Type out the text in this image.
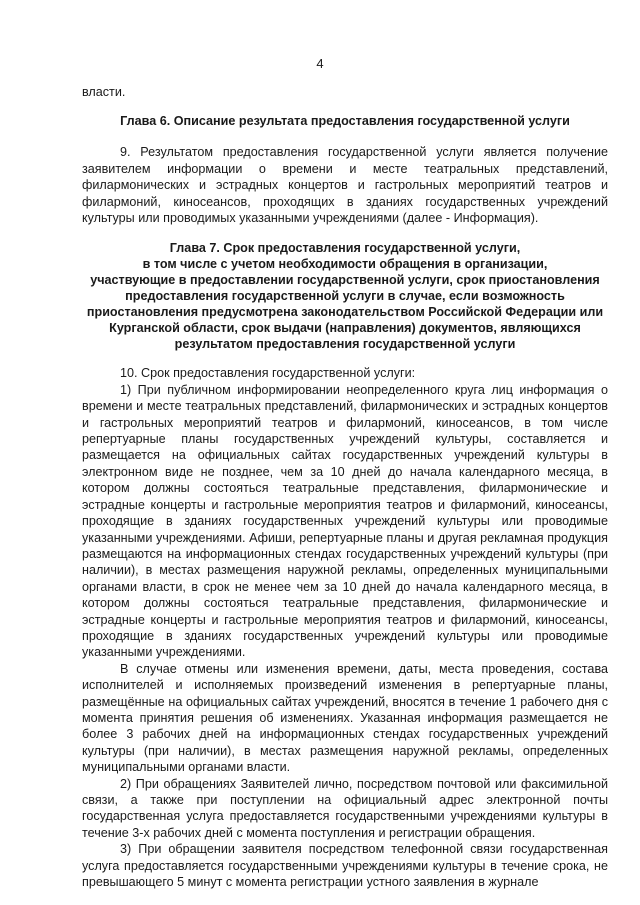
4

власти.

Глава 6. Описание результата предоставления государственной услуги

9. Результатом предоставления государственной услуги является получение заявителем информации о времени и месте театральных представлений, филармонических и эстрадных концертов и гастрольных мероприятий театров и филармоний, киносеансов, проходящих в зданиях государственных учреждений культуры или проводимых указанными учреждениями (далее - Информация).

Глава 7. Срок предоставления государственной услуги,
в том числе с учетом необходимости обращения в организации,
участвующие в предоставлении государственной услуги, срок приостановления
предоставления государственной услуги в случае, если возможность
приостановления предусмотрена законодательством Российской Федерации или
Курганской области, срок выдачи (направления) документов, являющихся
результатом предоставления государственной услуги

10. Срок предоставления государственной услуги:

1) При публичном информировании неопределенного круга лиц информация о времени и месте театральных представлений, филармонических и эстрадных концертов и гастрольных мероприятий театров и филармоний, киносеансов, в том числе репертуарные планы государственных учреждений культуры, составляется и размещается на официальных сайтах государственных учреждений культуры в электронном виде не позднее, чем за 10 дней до начала календарного месяца, в котором должны состояться театральные представления, филармонические и эстрадные концерты и гастрольные мероприятия театров и филармоний, киносеансы, проходящие в зданиях государственных учреждений культуры или проводимые указанными учреждениями. Афиши, репертуарные планы и другая рекламная продукция размещаются на информационных стендах государственных учреждений культуры (при наличии), в местах размещения наружной рекламы, определенных муниципальными органами власти, в срок не менее чем за 10 дней до начала календарного месяца, в котором должны состояться театральные представления, филармонические и эстрадные концерты и гастрольные мероприятия театров и филармоний, киносеансы, проходящие в зданиях государственных учреждений культуры или проводимые указанными учреждениями.

В случае отмены или изменения времени, даты, места проведения, состава исполнителей и исполняемых произведений изменения в репертуарные планы, размещённые на официальных сайтах учреждений, вносятся в течение 1 рабочего дня с момента принятия решения об изменениях. Указанная информация размещается не более 3 рабочих дней на информационных стендах государственных учреждений культуры (при наличии), в местах размещения наружной рекламы, определенных муниципальными органами власти.

2) При обращениях Заявителей лично, посредством почтовой или факсимильной связи, а также при поступлении на официальный адрес электронной почты государственная услуга предоставляется государственными учреждениями культуры в течение 3-х рабочих дней с момента поступления и регистрации обращения.

3) При обращении заявителя посредством телефонной связи государственная услуга предоставляется государственными учреждениями культуры в течение срока, не превышающего 5 минут с момента регистрации устного заявления в журнале
